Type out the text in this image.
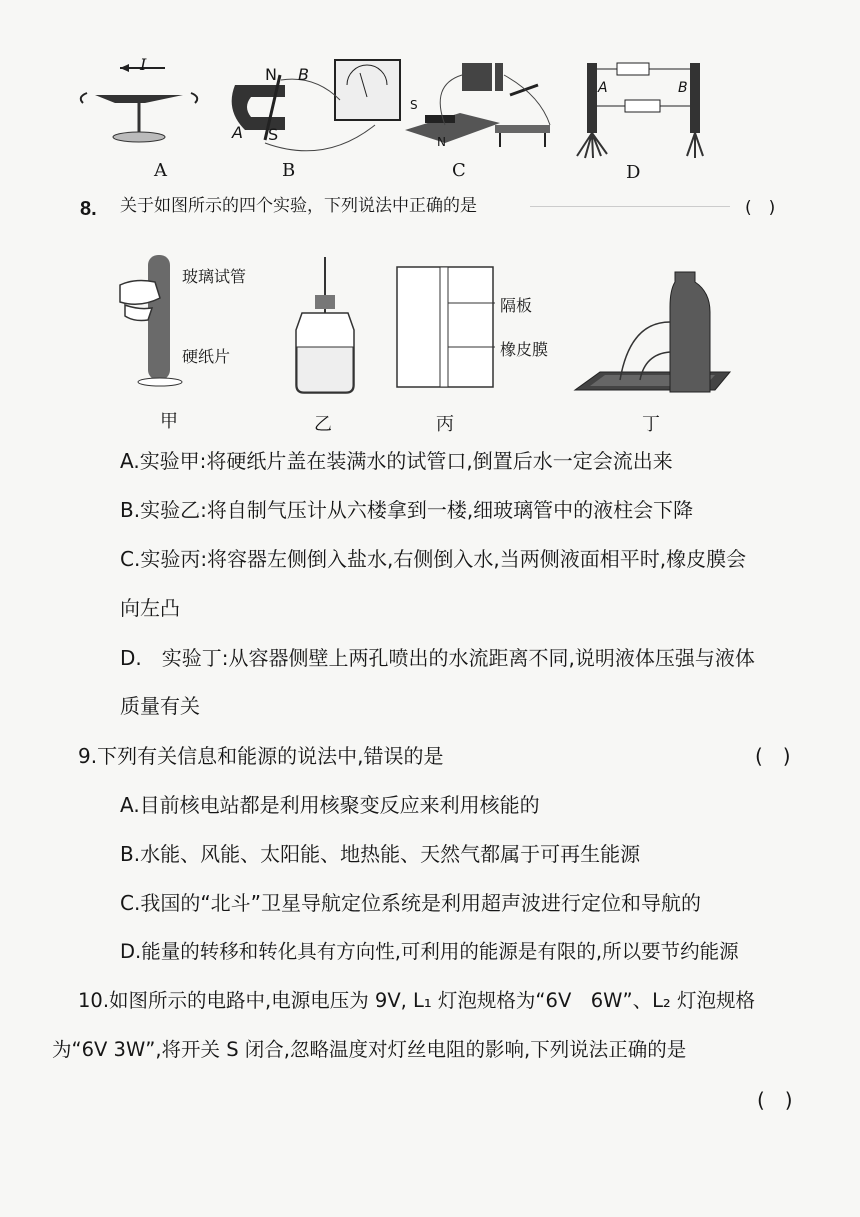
I
N B
A S
S
N
A	B
A	B	C	D
8. 关于如图所示的四个实验，下列说法中正确的是	(　)
玻璃试管
硬纸片
隔板
橡皮膜
甲	乙	丙	丁
A.实验甲:将硬纸片盖在装满水的试管口,倒置后水一定会流出来
B.实验乙:将自制气压计从六楼拿到一楼,细玻璃管中的液柱会下降
C.实验丙:将容器左侧倒入盐水,右侧倒入水,当两侧液面相平时,橡皮膜会
向左凸
D.　实验丁:从容器侧壁上两孔喷出的水流距离不同,说明液体压强与液体
质量有关
9.下列有关信息和能源的说法中,错误的是	(　)
A.目前核电站都是利用核聚变反应来利用核能的
B.水能、风能、太阳能、地热能、天然气都属于可再生能源
C.我国的“北斗”卫星导航定位系统是利用超声波进行定位和导航的
D.能量的转移和转化具有方向性,可利用的能源是有限的,所以要节约能源
10.如图所示的电路中,电源电压为 9V, L₁ 灯泡规格为“6V　6W”、L₂ 灯泡规格
为“6V 3W”,将开关 S 闭合,忽略温度对灯丝电阻的影响,下列说法正确的是
(　)
